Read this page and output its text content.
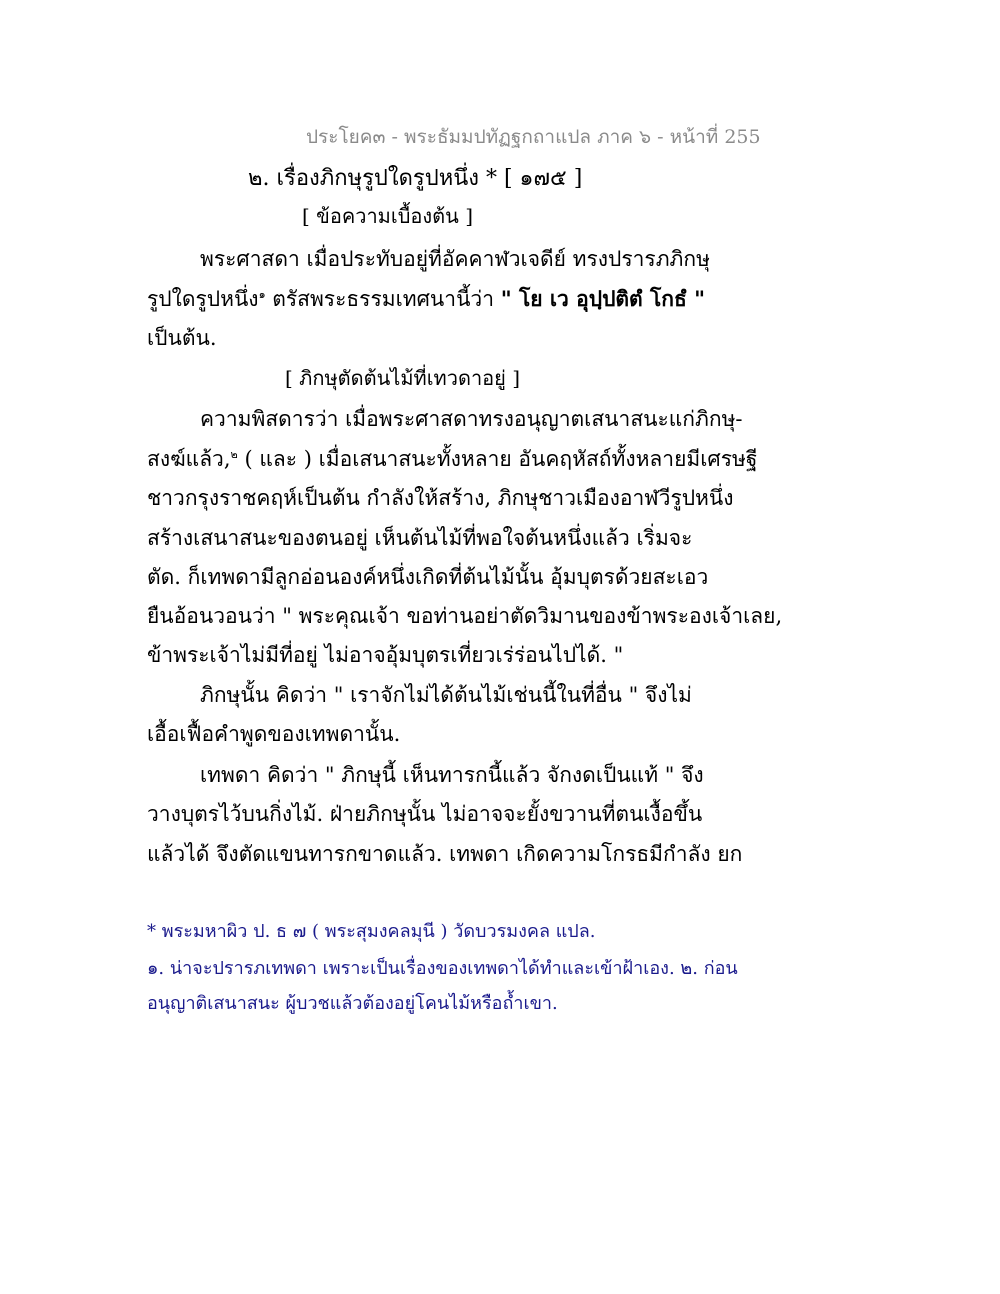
ประโยค๓ - พระธัมมปทัฏฐกถาแปล ภาค ๖ - หน้าที่ 255
๒. เรื่องภิกษุรูปใดรูปหนึ่ง * [ ๑๗๕ ]
[ ข้อความเบื้องต้น ]
พระศาสดา เมื่อประทับอยู่ที่อัคคาฬวเจดีย์ ทรงปรารภภิกษุ
รูปใดรูปหนึ่ง$^๑$ ตรัสพระธรรมเทศนานี้ว่า " โย เว อุปฺปติตํ โกธํ "
เป็นต้น.
[ ภิกษุตัดต้นไม้ที่เทวดาอยู่ ]
ความพิสดารว่า เมื่อพระศาสดาทรงอนุญาตเสนาสนะแก่ภิกษุ-
สงฆ์แล้ว,$^๒$ ( และ ) เมื่อเสนาสนะทั้งหลาย อันคฤหัสถ์ทั้งหลายมีเศรษฐี
ชาวกรุงราชคฤห์เป็นต้น กำลังให้สร้าง, ภิกษุชาวเมืองอาฬวีรูปหนึ่ง
สร้างเสนาสนะของตนอยู่ เห็นต้นไม้ที่พอใจต้นหนึ่งแล้ว เริ่มจะ
ตัด. ก็เทพดามีลูกอ่อนองค์หนึ่งเกิดที่ต้นไม้นั้น อุ้มบุตรด้วยสะเอว
ยืนอ้อนวอนว่า " พระคุณเจ้า ขอท่านอย่าตัดวิมานของข้าพระองเจ้าเลย,
ข้าพระเจ้าไม่มีที่อยู่ ไม่อาจอุ้มบุตรเที่ยวเร่ร่อนไปได้. "
ภิกษุนั้น คิดว่า " เราจักไม่ได้ต้นไม้เช่นนี้ในที่อื่น " จึงไม่
เอื้อเฟื้อคำพูดของเทพดานั้น.
เทพดา คิดว่า " ภิกษุนี้ เห็นทารกนี้แล้ว จักงดเป็นแท้ " จึง
วางบุตรไว้บนกิ่งไม้. ฝ่ายภิกษุนั้น ไม่อาจจะยั้งขวานที่ตนเงื้อขึ้น
แล้วได้ จึงตัดแขนทารกขาดแล้ว. เทพดา เกิดความโกรธมีกำลัง ยก
* พระมหาผิว ป. ธ ๗ ( พระสุมงคลมุนี ) วัดบวรมงคล แปล.
๑. น่าจะปรารภเทพดา เพราะเป็นเรื่องของเทพดาได้ทำและเข้าฝ้าเอง. ๒. ก่อน
อนุญาติเสนาสนะ ผู้บวชแล้วต้องอยู่โคนไม้หรือถ้ำเขา.
